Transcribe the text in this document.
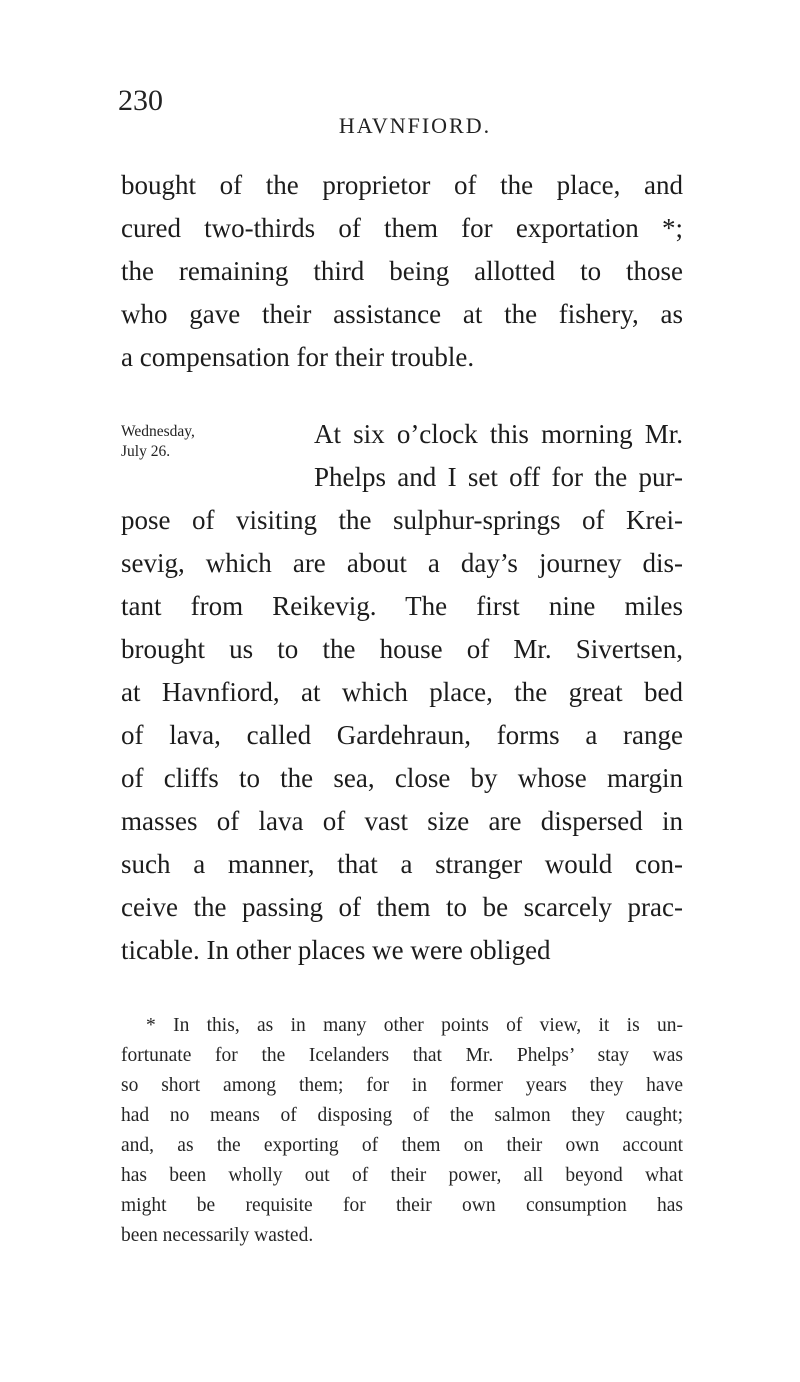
230
HAVNFIORD.
bought of the proprietor of the place, and
cured two-thirds of them for exportation *;
the remaining third being allotted to those
who gave their assistance at the fishery, as
a compensation for their trouble.
Wednesday,
July 26.
At six o’clock this morning Mr.
Phelps and I set off for the pur-
pose of visiting the sulphur-springs of Krei-
sevig, which are about a day’s journey dis-
tant from Reikevig. The first nine miles
brought us to the house of Mr. Sivertsen,
at Havnfiord, at which place, the great bed
of lava, called Gardehraun, forms a range
of cliffs to the sea, close by whose margin
masses of lava of vast size are dispersed in
such a manner, that a stranger would con-
ceive the passing of them to be scarcely prac-
ticable. In other places we were obliged
* In this, as in many other points of view, it is un-
fortunate for the Icelanders that Mr. Phelps’ stay was
so short among them; for in former years they have
had no means of disposing of the salmon they caught;
and, as the exporting of them on their own account
has been wholly out of their power, all beyond what
might be requisite for their own consumption has
been necessarily wasted.
